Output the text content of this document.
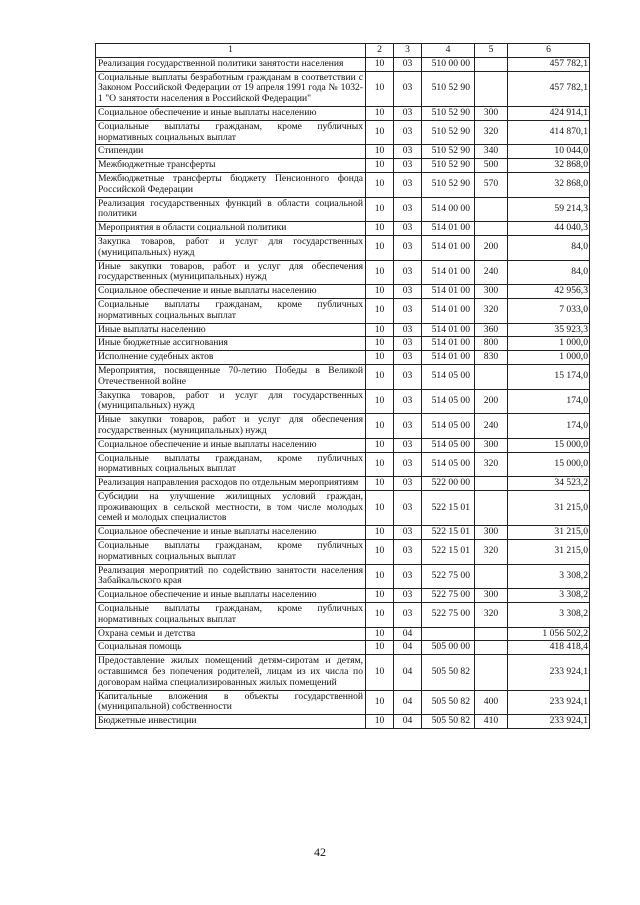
1	2	3	4	5	6
Реализация государственной политики занятости населения	10	03	510 00 00		457 782,1
Социальные выплаты безработным гражданам в соответствии с Законом Российской Федерации от 19 апреля 1991 года № 1032-1 "О занятости населения в Российской Федерации"	10	03	510 52 90		457 782,1
Социальное обеспечение и иные выплаты населению	10	03	510 52 90	300	424 914,1
Социальные выплаты гражданам, кроме публичных нормативных социальных выплат	10	03	510 52 90	320	414 870,1
Стипендии	10	03	510 52 90	340	10 044,0
Межбюджетные трансферты	10	03	510 52 90	500	32 868,0
Межбюджетные трансферты бюджету Пенсионного фонда Российской Федерации	10	03	510 52 90	570	32 868,0
Реализация государственных функций в области социальной политики	10	03	514 00 00		59 214,3
Мероприятия в области социальной политики	10	03	514 01 00		44 040,3
Закупка товаров, работ и услуг для государственных (муниципальных) нужд	10	03	514 01 00	200	84,0
Иные закупки товаров, работ и услуг для обеспечения государственных (муниципальных) нужд	10	03	514 01 00	240	84,0
Социальное обеспечение и иные выплаты населению	10	03	514 01 00	300	42 956,3
Социальные выплаты гражданам, кроме публичных нормативных социальных выплат	10	03	514 01 00	320	7 033,0
Иные выплаты населению	10	03	514 01 00	360	35 923,3
Иные бюджетные ассигнования	10	03	514 01 00	800	1 000,0
Исполнение судебных актов	10	03	514 01 00	830	1 000,0
Мероприятия, посвященные 70-летию Победы в Великой Отечественной войне	10	03	514 05 00		15 174,0
Закупка товаров, работ и услуг для государственных (муниципальных) нужд	10	03	514 05 00	200	174,0
Иные закупки товаров, работ и услуг для обеспечения государственных (муниципальных) нужд	10	03	514 05 00	240	174,0
Социальное обеспечение и иные выплаты населению	10	03	514 05 00	300	15 000,0
Социальные выплаты гражданам, кроме публичных нормативных социальных выплат	10	03	514 05 00	320	15 000,0
Реализация направления расходов по отдельным мероприятиям	10	03	522 00 00		34 523,2
Субсидии на улучшение жилищных условий граждан, проживающих в сельской местности, в том числе молодых семей и молодых специалистов	10	03	522 15 01		31 215,0
Социальное обеспечение и иные выплаты населению	10	03	522 15 01	300	31 215,0
Социальные выплаты гражданам, кроме публичных нормативных социальных выплат	10	03	522 15 01	320	31 215,0
Реализация мероприятий по содействию занятости населения Забайкальского края	10	03	522 75 00		3 308,2
Социальное обеспечение и иные выплаты населению	10	03	522 75 00	300	3 308,2
Социальные выплаты гражданам, кроме публичных нормативных социальных выплат	10	03	522 75 00	320	3 308,2
Охрана семьи и детства	10	04			1 056 502,2
Социальная помощь	10	04	505 00 00		418 418,4
Предоставление жилых помещений детям-сиротам и детям, оставшимся без попечения родителей, лицам из их числа по договорам найма специализированных жилых помещений	10	04	505 50 82		233 924,1
Капитальные вложения в объекты государственной (муниципальной) собственности	10	04	505 50 82	400	233 924,1
Бюджетные инвестиции	10	04	505 50 82	410	233 924,1
42
